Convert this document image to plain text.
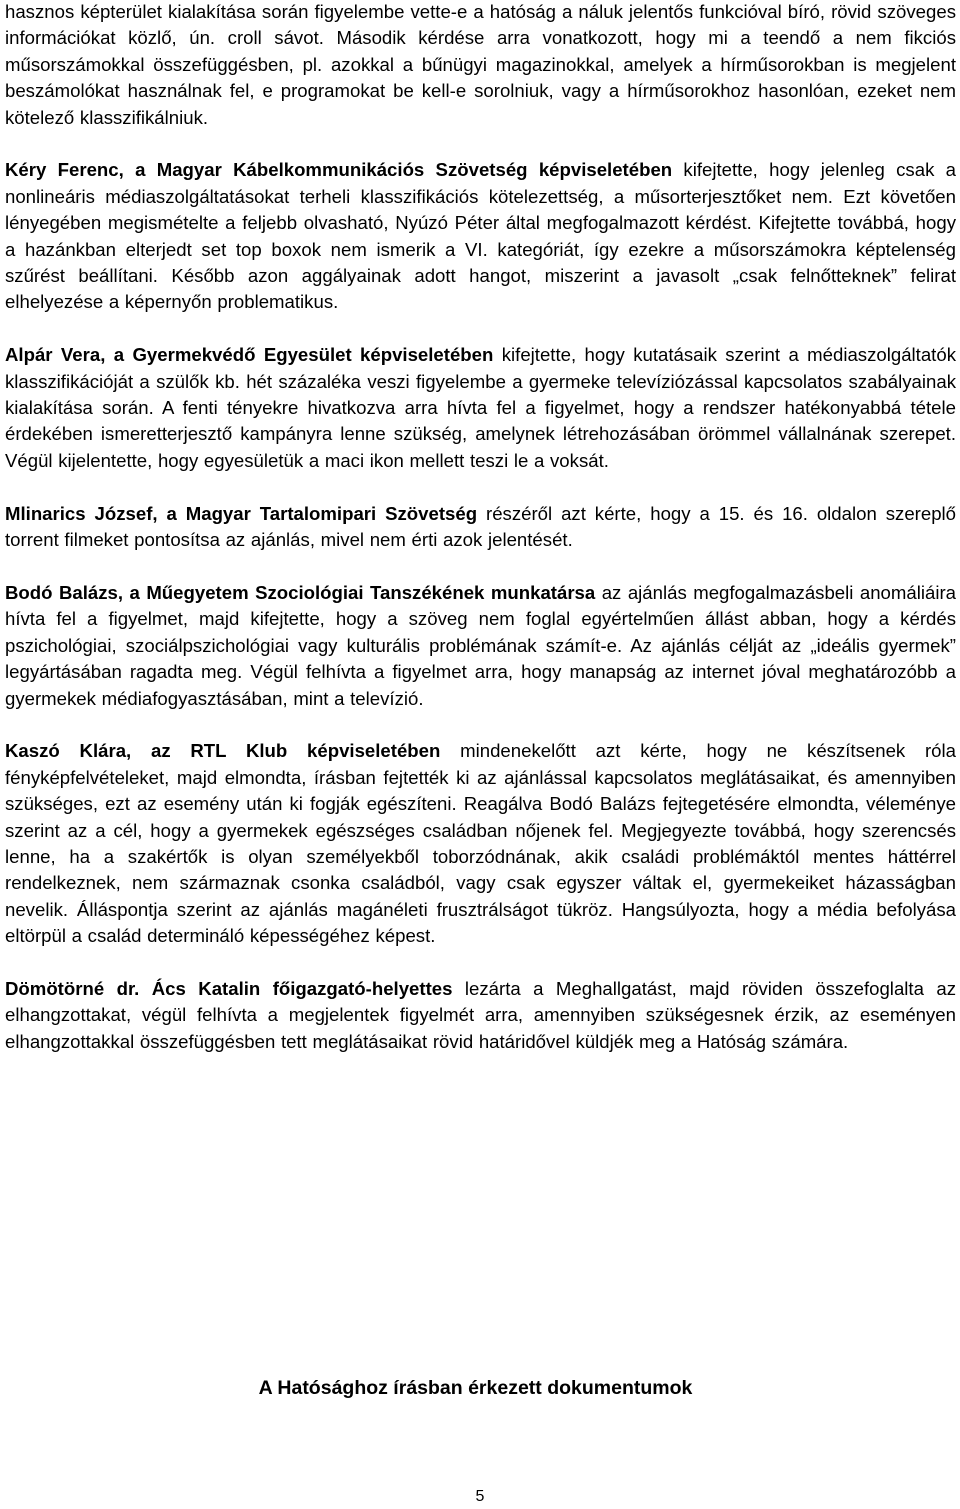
hasznos képterület kialakítása során figyelembe vette-e a hatóság a náluk jelentős funkcióval bíró, rövid szöveges információkat közlő, ún. croll sávot. Második kérdése arra vonatkozott, hogy mi a teendő a nem fikciós műsorszámokkal összefüggésben, pl. azokkal a bűnügyi magazinokkal, amelyek a hírműsorokban is megjelent beszámolókat használnak fel, e programokat be kell-e sorolniuk, vagy a hírműsorokhoz hasonlóan, ezeket nem kötelező klasszifikálniuk.

Kéry Ferenc, a Magyar Kábelkommunikációs Szövetség képviseletében kifejtette, hogy jelenleg csak a nonlineáris médiaszolgáltatásokat terheli klasszifikációs kötelezettség, a műsorterjesztőket nem. Ezt követően lényegében megismételte a feljebb olvasható, Nyúzó Péter által megfogalmazott kérdést. Kifejtette továbbá, hogy a hazánkban elterjedt set top boxok nem ismerik a VI. kategóriát, így ezekre a műsorszámokra képtelenség szűrést beállítani. Később azon aggályainak adott hangot, miszerint a javasolt „csak felnőtteknek” felirat elhelyezése a képernyőn problematikus.

Alpár Vera, a Gyermekvédő Egyesület képviseletében kifejtette, hogy kutatásaik szerint a médiaszolgáltatók klasszifikációját a szülők kb. hét százaléka veszi figyelembe a gyermeke televíziózással kapcsolatos szabályainak kialakítása során. A fenti tényekre hivatkozva arra hívta fel a figyelmet, hogy a rendszer hatékonyabbá tétele érdekében ismeretterjesztő kampányra lenne szükség, amelynek létrehozásában örömmel vállalnának szerepet. Végül kijelentette, hogy egyesületük a maci ikon mellett teszi le a voksát.

Mlinarics József, a Magyar Tartalomipari Szövetség részéről azt kérte, hogy a 15. és 16. oldalon szereplő torrent filmeket pontosítsa az ajánlás, mivel nem érti azok jelentését.

Bodó Balázs, a Műegyetem Szociológiai Tanszékének munkatársa az ajánlás megfogalmazásbeli anomáliáira hívta fel a figyelmet, majd kifejtette, hogy a szöveg nem foglal egyértelműen állást abban, hogy a kérdés pszichológiai, szociálpszichológiai vagy kulturális problémának számít-e. Az ajánlás célját az „ideális gyermek” legyártásában ragadta meg. Végül felhívta a figyelmet arra, hogy manapság az internet jóval meghatározóbb a gyermekek médiafogyasztásában, mint a televízió.

Kaszó Klára, az RTL Klub képviseletében mindenekelőtt azt kérte, hogy ne készítsenek róla fényképfelvételeket, majd elmondta, írásban fejtették ki az ajánlással kapcsolatos meglátásaikat, és amennyiben szükséges, ezt az esemény után ki fogják egészíteni. Reagálva Bodó Balázs fejtegetésére elmondta, véleménye szerint az a cél, hogy a gyermekek egészséges családban nőjenek fel. Megjegyezte továbbá, hogy szerencsés lenne, ha a szakértők is olyan személyekből toborzódnának, akik családi problémáktól mentes háttérrel rendelkeznek, nem származnak csonka családból, vagy csak egyszer váltak el, gyermekeiket házasságban nevelik. Álláspontja szerint az ajánlás magánéleti frusztrálságot tükröz. Hangsúlyozta, hogy a média befolyása eltörpül a család determináló képességéhez képest.

Dömötörné dr. Ács Katalin főigazgató-helyettes lezárta a Meghallgatást, majd röviden összefoglalta az elhangzottakat, végül felhívta a megjelentek figyelmét arra, amennyiben szükségesnek érzik, az eseményen elhangzottakkal összefüggésben tett meglátásaikat rövid határidővel küldjék meg a Hatóság számára.

A Hatósághoz írásban érkezett dokumentumok
5
